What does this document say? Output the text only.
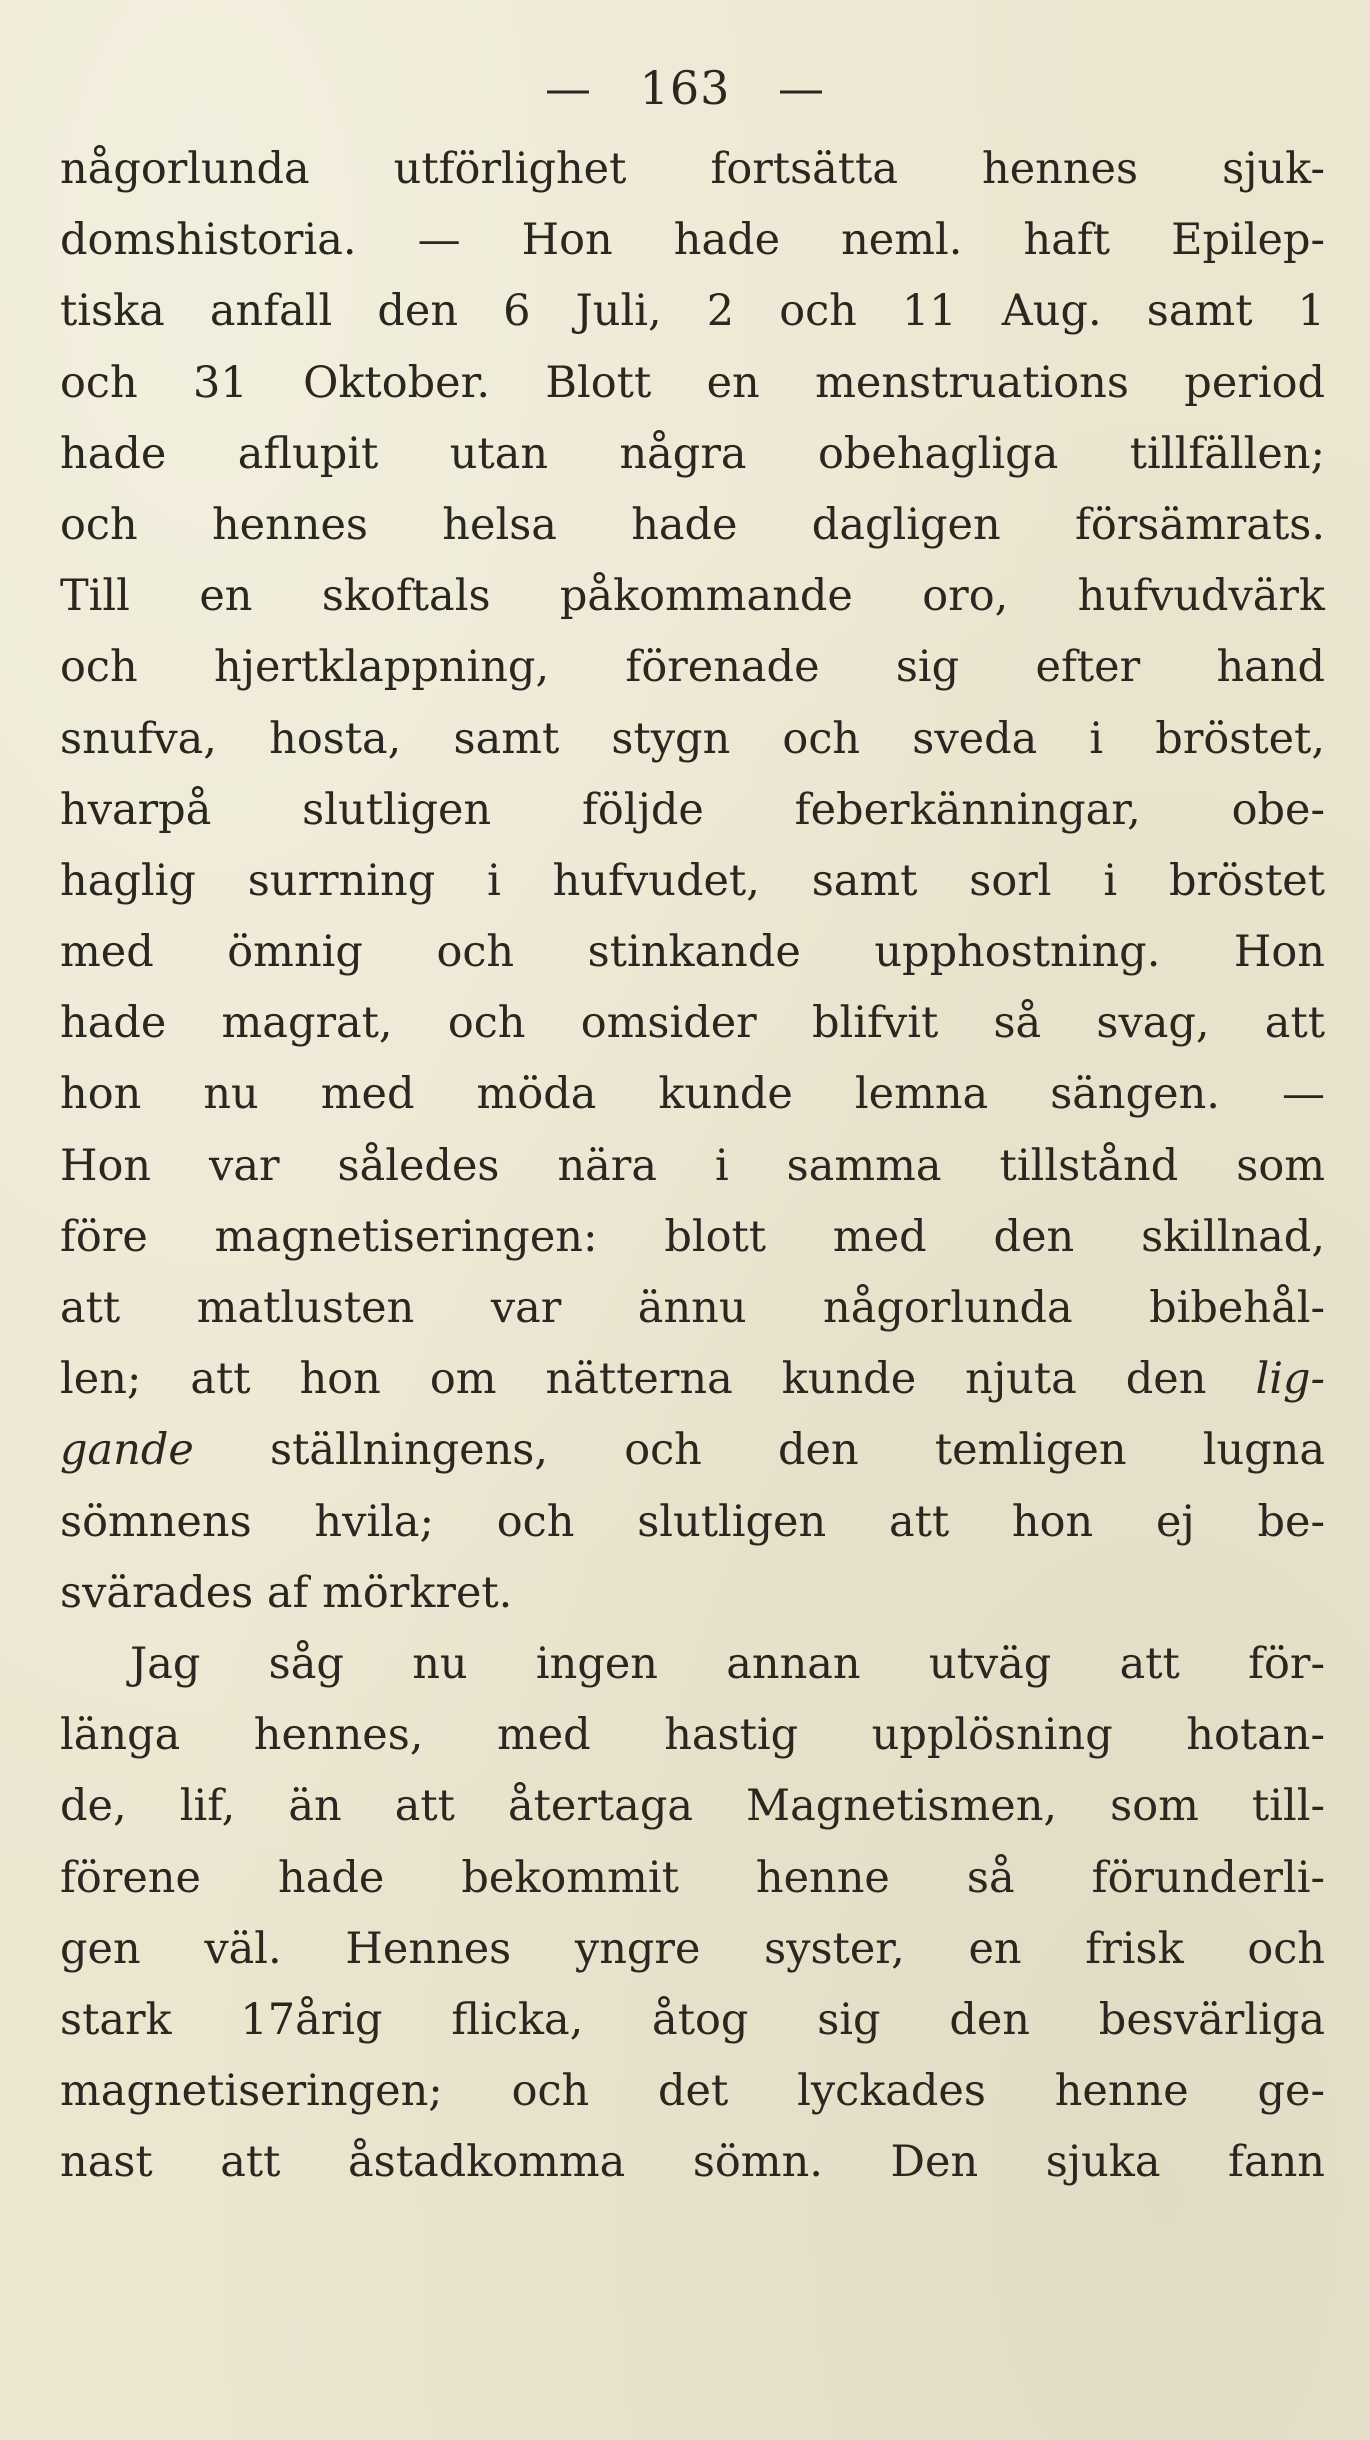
— 163 —
någorlunda utförlighet fortsätta hennes sjuk-
domshistoria. — Hon hade neml. haft Epilep-
tiska anfall den 6 Juli, 2 och 11 Aug. samt 1
och 31 Oktober. Blott en menstruations period
hade aflupit utan några obehagliga tillfällen;
och hennes helsa hade dagligen försämrats.
Till en skoftals påkommande oro, hufvudvärk
och hjertklappning, förenade sig efter hand
snufva, hosta, samt stygn och sveda i bröstet,
hvarpå slutligen följde feberkänningar, obe-
haglig surrning i hufvudet, samt sorl i bröstet
med ömnig och stinkande upphostning. Hon
hade magrat, och omsider blifvit så svag, att
hon nu med möda kunde lemna sängen. —
Hon var således nära i samma tillstånd som
före magnetiseringen: blott med den skillnad,
att matlusten var ännu någorlunda bibehål-
len; att hon om nätterna kunde njuta den lig-
gande ställningens, och den temligen lugna
sömnens hvila; och slutligen att hon ej be-
svärades af mörkret.
Jag såg nu ingen annan utväg att för-
länga hennes, med hastig upplösning hotan-
de, lif, än att återtaga Magnetismen, som till-
förene hade bekommit henne så förunderli-
gen väl. Hennes yngre syster, en frisk och
stark 17årig flicka, åtog sig den besvärliga
magnetiseringen; och det lyckades henne ge-
nast att åstadkomma sömn. Den sjuka fann
